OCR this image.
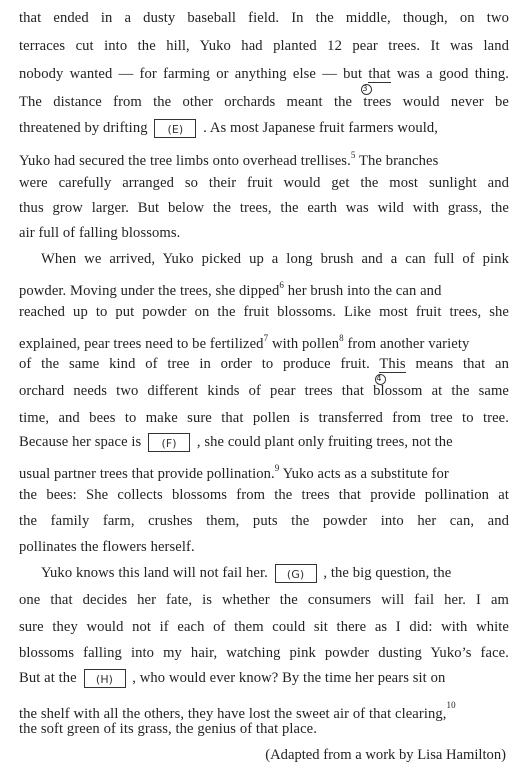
that ended in a dusty baseball field. In the middle, though, on two
terraces cut into the hill, Yuko had planted 12 pear trees. It was land
nobody wanted — for farming or anything else — but that
3
was a good thing.
The distance from the other orchards meant the trees would never be
threatened by drifting (E) . As most Japanese fruit farmers would,
Yuko had secured the tree limbs onto overhead trellises.$^5$ The branches
were carefully arranged so their fruit would get the most sunlight and
thus grow larger. But below the trees, the earth was wild with grass, the
air full of falling blossoms.
When we arrived, Yuko picked up a long brush and a can full of pink
powder. Moving under the trees, she dipped$^6$ her brush into the can and
reached up to put powder on the fruit blossoms. Like most fruit trees, she
explained, pear trees need to be fertilized$^7$ with pollen$^8$ from another variety
of the same kind of tree in order to produce fruit. This
4
means that an
orchard needs two different kinds of pear trees that blossom at the same
time, and bees to make sure that pollen is transferred from tree to tree.
Because her space is (F) , she could plant only fruiting trees, not the
usual partner trees that provide pollination.$^9$ Yuko acts as a substitute for
the bees: She collects blossoms from the trees that provide pollination at
the family farm, crushes them, puts the powder into her can, and
pollinates the flowers herself.
Yuko knows this land will not fail her. (G) , the big question, the
one that decides her fate, is whether the consumers will fail her. I am
sure they would not if each of them could sit there as I did: with white
blossoms falling into my hair, watching pink powder dusting Yuko’s face.
But at the (H) , who would ever know? By the time her pears sit on
the shelf with all the others, they have lost the sweet air of that clearing,$^{10}$
the soft green of its grass, the genius of that place.
(Adapted from a work by Lisa Hamilton)
